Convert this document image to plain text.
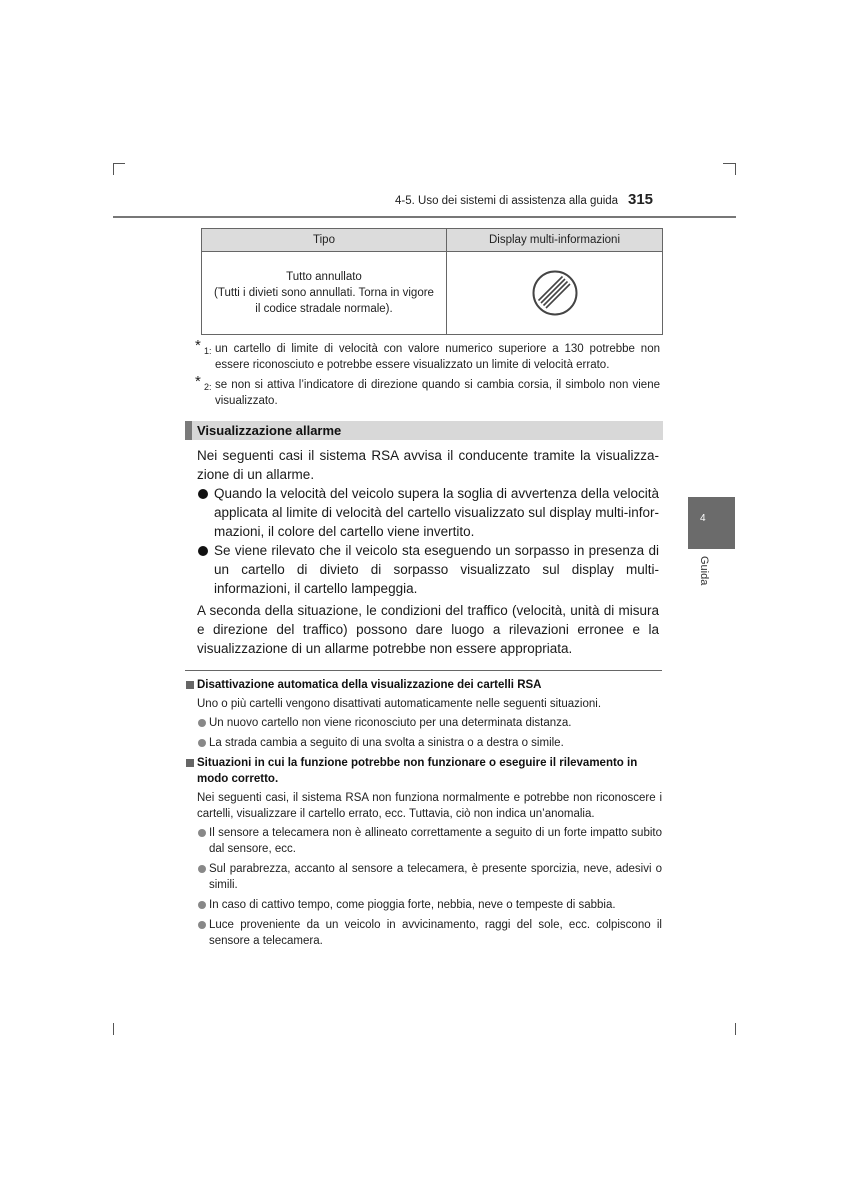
4-5. Uso dei sistemi di assistenza alla guida 315
4
Guida
Tipo	Display multi-informazioni

Tutto annullato
(Tutti i divieti sono annullati. Torna in vigore
il codice stradale normale).

* 1: un cartello di limite di velocità con valore numerico superiore a 130 potrebbe non essere riconosciuto e potrebbe essere visualizzato un limite di velocità errato.
* 2: se non si attiva l’indicatore di direzione quando si cambia corsia, il simbolo non viene visualizzato.
Visualizzazione allarme
Nei seguenti casi il sistema RSA avvisa il conducente tramite la visualizzazione di un allarme.
Quando la velocità del veicolo supera la soglia di avvertenza della velocità applicata al limite di velocità del cartello visualizzato sul display multi-informazioni, il colore del cartello viene invertito.
Se viene rilevato che il veicolo sta eseguendo un sorpasso in presenza di un cartello di divieto di sorpasso visualizzato sul display multi-informazioni, il cartello lampeggia.
A seconda della situazione, le condizioni del traffico (velocità, unità di misura e direzione del traffico) possono dare luogo a rilevazioni erronee e la visualizzazione di un allarme potrebbe non essere appropriata.
Disattivazione automatica della visualizzazione dei cartelli RSA
Uno o più cartelli vengono disattivati automaticamente nelle seguenti situazioni.
Un nuovo cartello non viene riconosciuto per una determinata distanza.
La strada cambia a seguito di una svolta a sinistra o a destra o simile.
Situazioni in cui la funzione potrebbe non funzionare o eseguire il rilevamento in modo corretto.
Nei seguenti casi, il sistema RSA non funziona normalmente e potrebbe non riconoscere i cartelli, visualizzare il cartello errato, ecc. Tuttavia, ciò non indica un’anomalia.
Il sensore a telecamera non è allineato correttamente a seguito di un forte impatto subito dal sensore, ecc.
Sul parabrezza, accanto al sensore a telecamera, è presente sporcizia, neve, adesivi o simili.
In caso di cattivo tempo, come pioggia forte, nebbia, neve o tempeste di sabbia.
Luce proveniente da un veicolo in avvicinamento, raggi del sole, ecc. colpiscono il sensore a telecamera.
